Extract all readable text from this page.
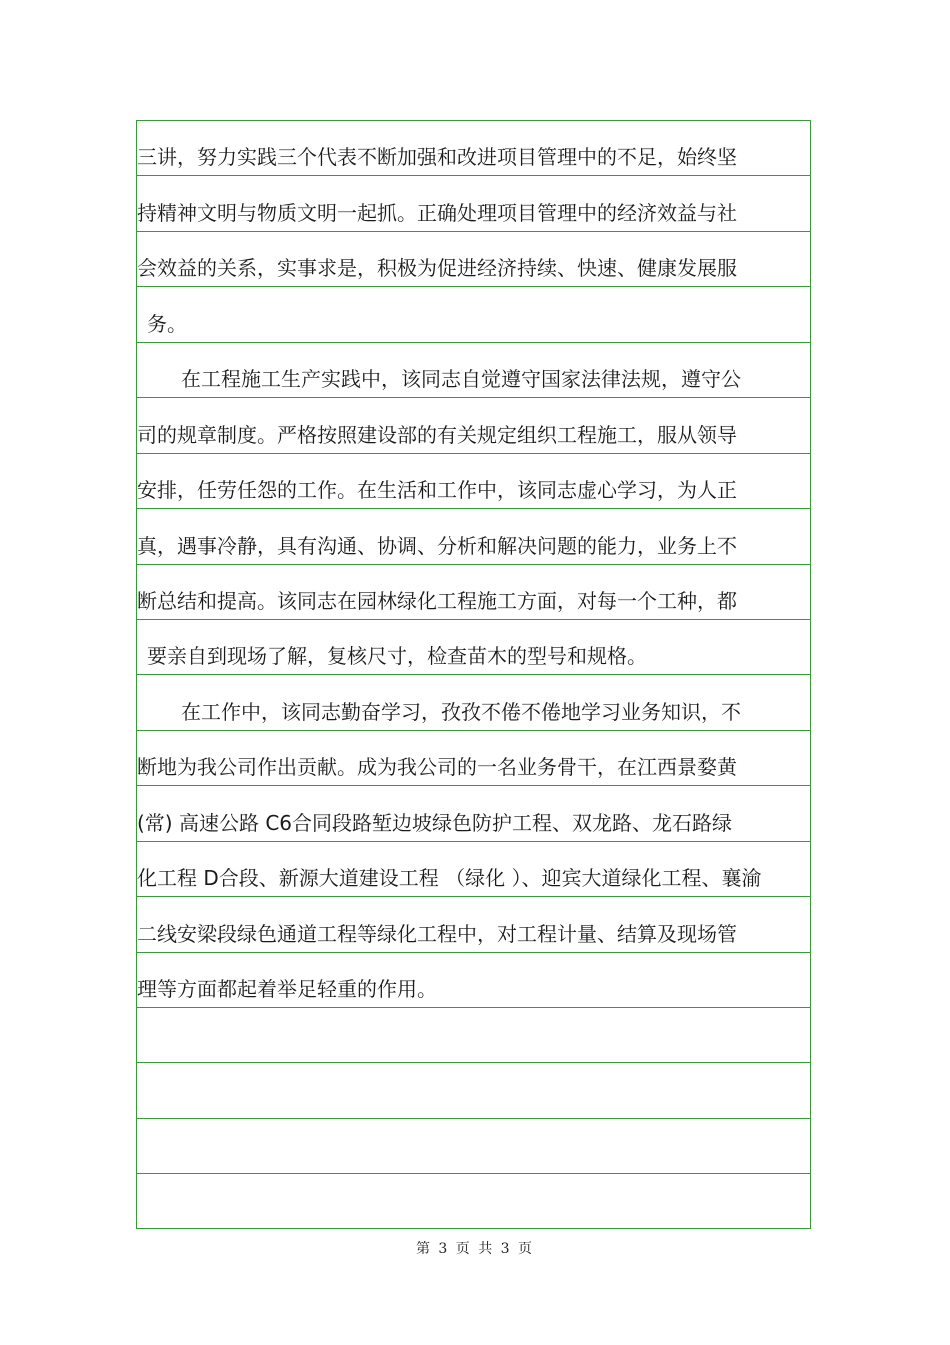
三讲，努力实践三个代表不断加强和改进项目管理中的不足，始终坚
持精神文明与物质文明一起抓。正确处理项目管理中的经济效益与社
会效益的关系，实事求是，积极为促进经济持续、快速、健康发展服
务。
在工程施工生产实践中，该同志自觉遵守国家法律法规，遵守公
司的规章制度。严格按照建设部的有关规定组织工程施工，服从领导
安排，任劳任怨的工作。在生活和工作中，该同志虚心学习，为人正
真，遇事冷静，具有沟通、协调、分析和解决问题的能力，业务上不
断总结和提高。该同志在园林绿化工程施工方面，对每一个工种，都
要亲自到现场了解，复核尺寸，检查苗木的型号和规格。
在工作中，该同志勤奋学习，孜孜不倦不倦地学习业务知识，不
断地为我公司作出贡献。成为我公司的一名业务骨干，在江西景婺黄
(常) 高速公路 C6合同段路堑边坡绿色防护工程、双龙路、龙石路绿
化工程 D合段、新源大道建设工程 （绿化 ）、迎宾大道绿化工程、襄渝
二线安梁段绿色通道工程等绿化工程中，对工程计量、结算及现场管
理等方面都起着举足轻重的作用。
第 3 页 共 3 页
